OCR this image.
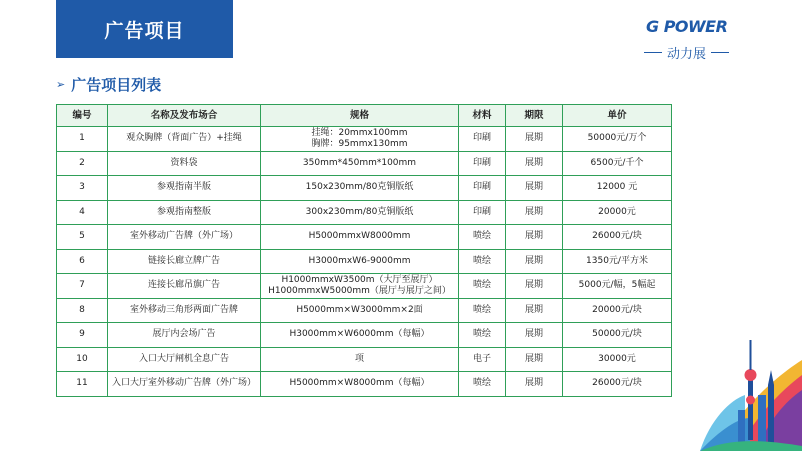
广告项目	G POWER
动力展
➢ 广告项目列表
编号	名称及发布场合	规格	材料	期限	单价
1	观众胸牌（背面广告）+挂绳	挂绳：20mmx100mm
胸牌：95mmx130mm	印刷	展期	50000元/万个
2	资料袋	350mm*450mm*100mm	印刷	展期	6500元/千个
3	参观指南半版	150x230mm/80克铜版纸	印刷	展期	12000 元
4	参观指南整版	300x230mm/80克铜版纸	印刷	展期	20000元
5	室外移动广告牌（外广场）	H5000mmxW8000mm	喷绘	展期	26000元/块
6	链接长廊立牌广告	H3000mxW6-9000mm	喷绘	展期	1350元/平方米
7	连接长廊吊旗广告	H1000mmxW3500m（大厅至展厅）
H1000mmxW5000mm（展厅与展厅之间）	喷绘	展期	5000元/幅，5幅起
8	室外移动三角形两面广告牌	H5000mm×W3000mm×2面	喷绘	展期	20000元/块
9	展厅内会场广告	H3000mm×W6000mm（每幅）	喷绘	展期	50000元/块
10	入口大厅闸机全息广告	项	电子	展期	30000元
11	入口大厅室外移动广告牌（外广场）	H5000mm×W8000mm（每幅）	喷绘	展期	26000元/块
